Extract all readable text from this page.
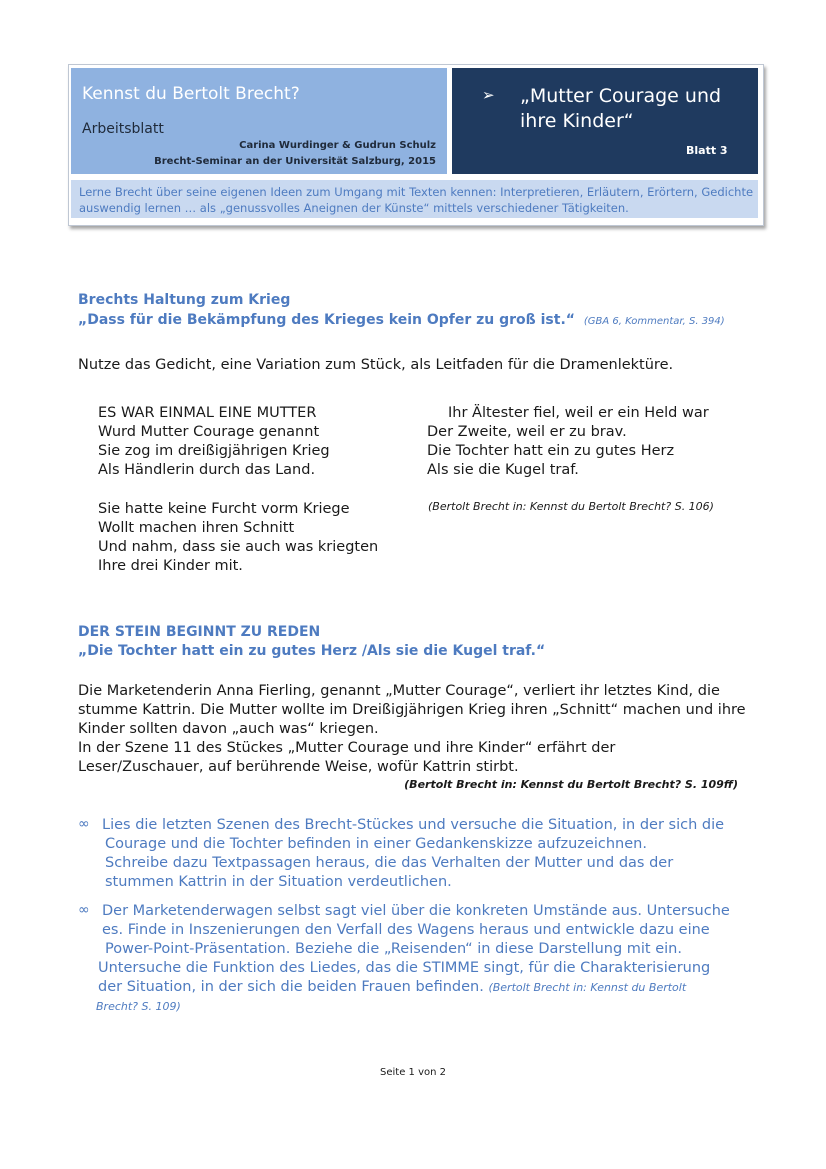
Kennst du Bertolt Brecht?
Arbeitsblatt
Carina Wurdinger & Gudrun Schulz
Brecht-Seminar an der Universität Salzburg, 2015
➢ „Mutter Courage und ihre Kinder“
Blatt 3
Lerne Brecht über seine eigenen Ideen zum Umgang mit Texten kennen: Interpretieren, Erläutern, Erörtern, Gedichte auswendig lernen … als „genussvolles Aneignen der Künste“ mittels verschiedener Tätigkeiten.
Brechts Haltung zum Krieg
„Dass für die Bekämpfung des Krieges kein Opfer zu groß ist.“ (GBA 6, Kommentar, S. 394)
Nutze das Gedicht, eine Variation zum Stück, als Leitfaden für die Dramenlektüre.
ES WAR EINMAL EINE MUTTER
Wurd Mutter Courage genannt
Sie zog im dreißigjährigen Krieg
Als Händlerin durch das Land.
Sie hatte keine Furcht vorm Kriege
Wollt machen ihren Schnitt
Und nahm, dass sie auch was kriegten
Ihre drei Kinder mit.
Ihr Ältester fiel, weil er ein Held war
Der Zweite, weil er zu brav.
Die Tochter hatt ein zu gutes Herz
Als sie die Kugel traf.
(Bertolt Brecht in: Kennst du Bertolt Brecht? S. 106)
DER STEIN BEGINNT ZU REDEN
„Die Tochter hatt ein zu gutes Herz /Als sie die Kugel traf.“
Die Marketenderin Anna Fierling, genannt „Mutter Courage“, verliert ihr letztes Kind, die
stumme Kattrin. Die Mutter wollte im Dreißigjährigen Krieg ihren „Schnitt“ machen und ihre
Kinder sollten davon „auch was“ kriegen.
In der Szene 11 des Stückes „Mutter Courage und ihre Kinder“ erfährt der
Leser/Zuschauer, auf berührende Weise, wofür Kattrin stirbt.
(Bertolt Brecht in: Kennst du Bertolt Brecht? S. 109ff)
∞ Lies die letzten Szenen des Brecht-Stückes und versuche die Situation, in der sich die
Courage und die Tochter befinden in einer Gedankenskizze aufzuzeichnen.
Schreibe dazu Textpassagen heraus, die das Verhalten der Mutter und das der
stummen Kattrin in der Situation verdeutlichen.
∞ Der Marketenderwagen selbst sagt viel über die konkreten Umstände aus. Untersuche
es. Finde in Inszenierungen den Verfall des Wagens heraus und entwickle dazu eine
Power-Point-Präsentation. Beziehe die „Reisenden“ in diese Darstellung mit ein.
Untersuche die Funktion des Liedes, das die STIMME singt, für die Charakterisierung
der Situation, in der sich die beiden Frauen befinden. (Bertolt Brecht in: Kennst du Bertolt
Brecht? S. 109)
Seite 1 von 2
